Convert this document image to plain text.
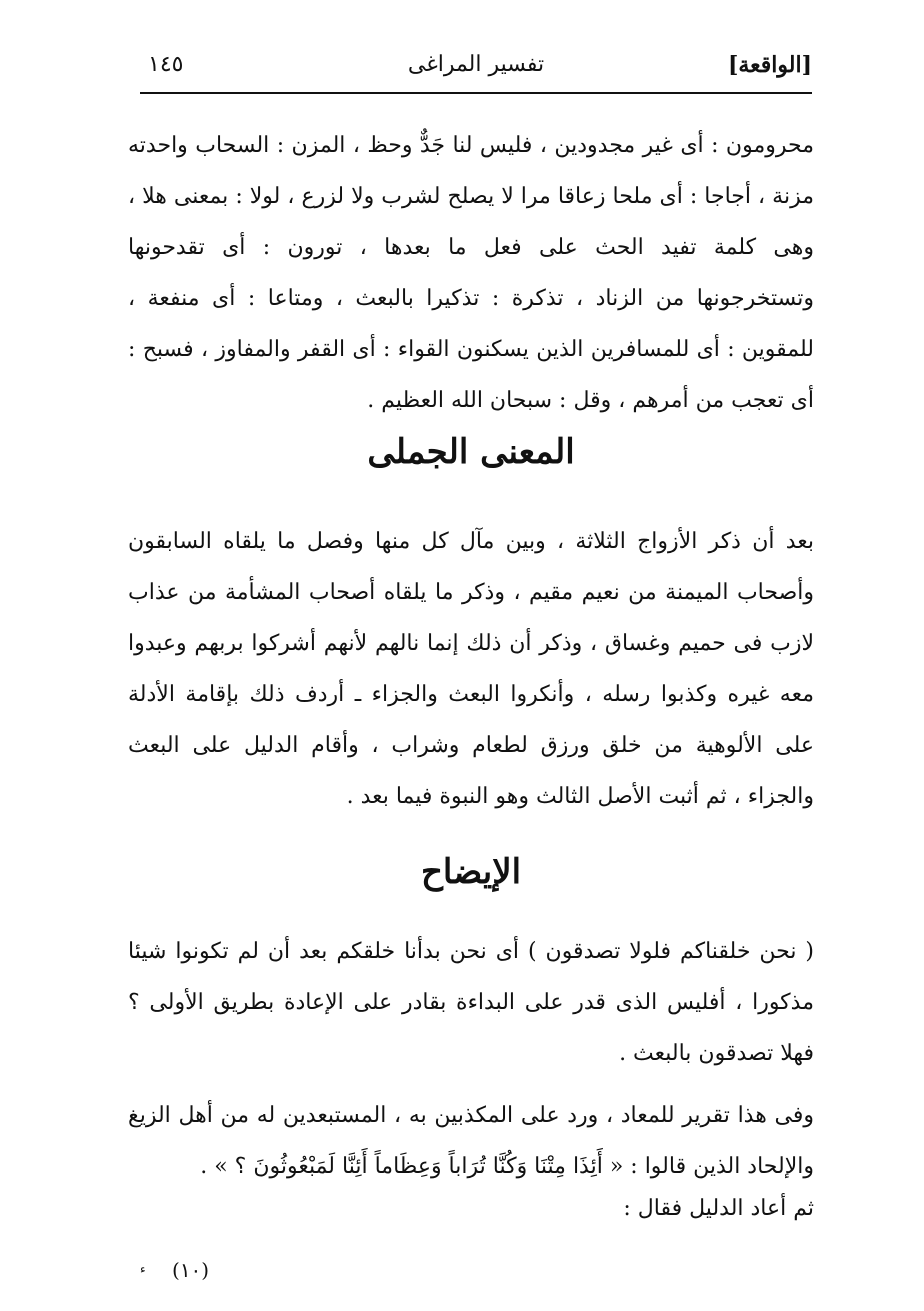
[الواقعة]
تفسير المراغى
١٤٥

محرومون : أى غير مجدودين ، فليس لنا جَدٌّ وحظ ، المزن : السحاب واحدته مزنة ، أجاجا : أى ملحا زعاقا مرا لا يصلح لشرب ولا لزرع ، لولا : بمعنى هلا ، وهى كلمة تفيد الحث على فعل ما بعدها ، تورون : أى تقدحونها وتستخرجونها من الزناد ، تذكرة : تذكيرا بالبعث ، ومتاعا : أى منفعة ، للمقوين : أى للمسافرين الذين يسكنون القواء : أى القفر والمفاوز ، فسبح : أى تعجب من أمرهم ، وقل : سبحان الله العظيم .

المعنى الجملى

بعد أن ذكر الأزواج الثلاثة ، وبين مآل كل منها وفصل ما يلقاه السابقون وأصحاب الميمنة من نعيم مقيم ، وذكر ما يلقاه أصحاب المشأمة من عذاب لازب فى حميم وغساق ، وذكر أن ذلك إنما نالهم لأنهم أشركوا بربهم وعبدوا معه غيره وكذبوا رسله ، وأنكروا البعث والجزاء ـ أردف ذلك بإقامة الأدلة على الألوهية من خلق ورزق لطعام وشراب ، وأقام الدليل على البعث والجزاء ، ثم أثبت الأصل الثالث وهو النبوة فيما بعد .

الإيضاح

( نحن خلقناكم فلولا تصدقون ) أى نحن بدأنا خلقكم بعد أن لم تكونوا شيئا مذكورا ، أفليس الذى قدر على البداءة بقادر على الإعادة بطريق الأولى ؟ فهلا تصدقون بالبعث .

وفى هذا تقرير للمعاد ، ورد على المكذبين به ، المستبعدين له من أهل الزيغ والإلحاد الذين قالوا : « أَئِذَا مِتْنَا وَكُنَّا تُرَاباً وَعِظَاماً أَئِنَّا لَمَبْعُوثُونَ ؟ » .

ثم أعاد الدليل فقال :

ء (١٠)
